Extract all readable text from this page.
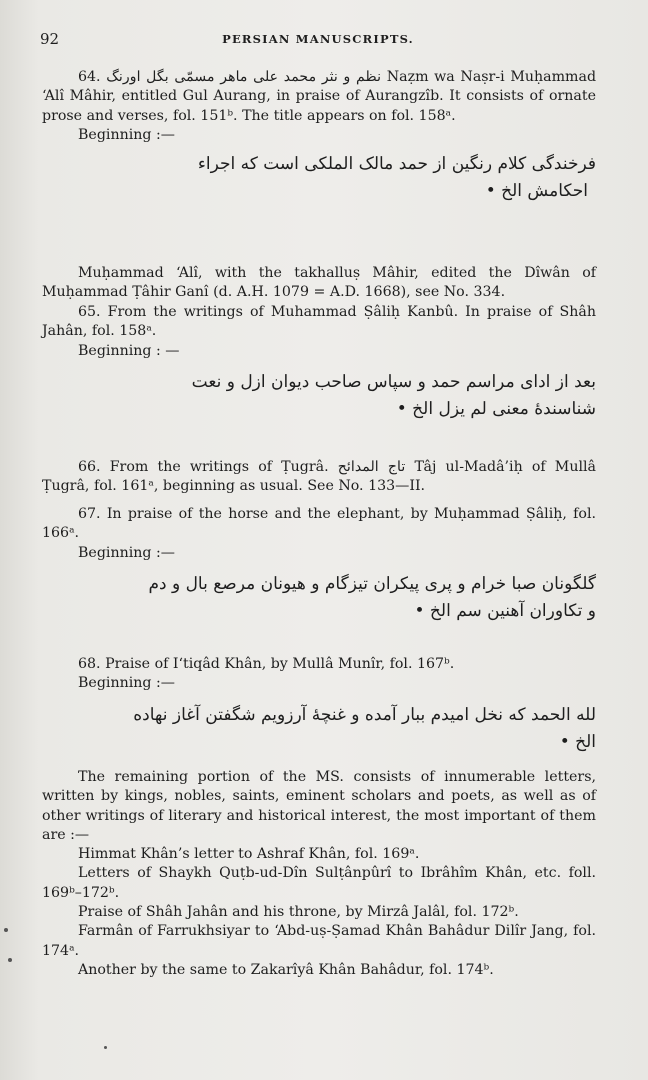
92	PERSIAN MANUSCRIPTS.
64. نظم و نثر محمد علی ماهر مسمّی بگل اورنگ Naẓm wa Naṣr-i Muḥammad ‘Alî Mâhir, entitled Gul Aurang, in praise of Aurangzîb. It consists of ornate prose and verses, fol. 151ᵇ. The title appears on fol. 158ᵃ.
Beginning :—
فرخندگی کلام رنگین از حمد مالک الملکی است که اجراء
احکامش الخ •
Muḥammad ‘Alî, with the takhalluṣ Mâhir, edited the Dîwân of Muḥammad Ṭâhir Ganî (d. A.H. 1079 = A.D. 1668), see No. 334.
65. From the writings of Muhammad Ṣâliḥ Kanbû. In praise of Shâh Jahân, fol. 158ᵃ.
Beginning : —
بعد از ادای مراسم حمد و سپاس صاحب دیوان ازل و نعت
شناسندهٔ معنی لم یزل الخ •
66. From the writings of Ṭugrâ. تاج المدائح Tâj ul-Madâ’iḥ of Mullâ Ṭugrâ, fol. 161ᵃ, beginning as usual. See No. 133—II.
67. In praise of the horse and the elephant, by Muḥammad Ṣâliḥ, fol. 166ᵃ.
Beginning :—
گلگونان صبا خرام و پری پیکران تیزگام و هیونان مرصع بال و دم
و تکاوران آهنین سم الخ •
68. Praise of I‘tiqâd Khân, by Mullâ Munîr, fol. 167ᵇ.
Beginning :—
لله الحمد که نخل امیدم ببار آمده و غنچهٔ آرزویم شگفتن آغاز نهاده
الخ •
The remaining portion of the MS. consists of innumerable letters, written by kings, nobles, saints, eminent scholars and poets, as well as of other writings of literary and historical interest, the most important of them are :—
Himmat Khân’s letter to Ashraf Khân, fol. 169ᵃ.
Letters of Shaykh Quṭb-ud-Dîn Sulṭânpûrî to Ibrâhîm Khân, etc. foll. 169ᵇ–172ᵇ.
Praise of Shâh Jahân and his throne, by Mirzâ Jalâl, fol. 172ᵇ.
Farmân of Farrukhsiyar to ‘Abd-uṣ-Ṣamad Khân Bahâdur Dilîr Jang, fol. 174ᵃ.
Another by the same to Zakarîyâ Khân Bahâdur, fol. 174ᵇ.
